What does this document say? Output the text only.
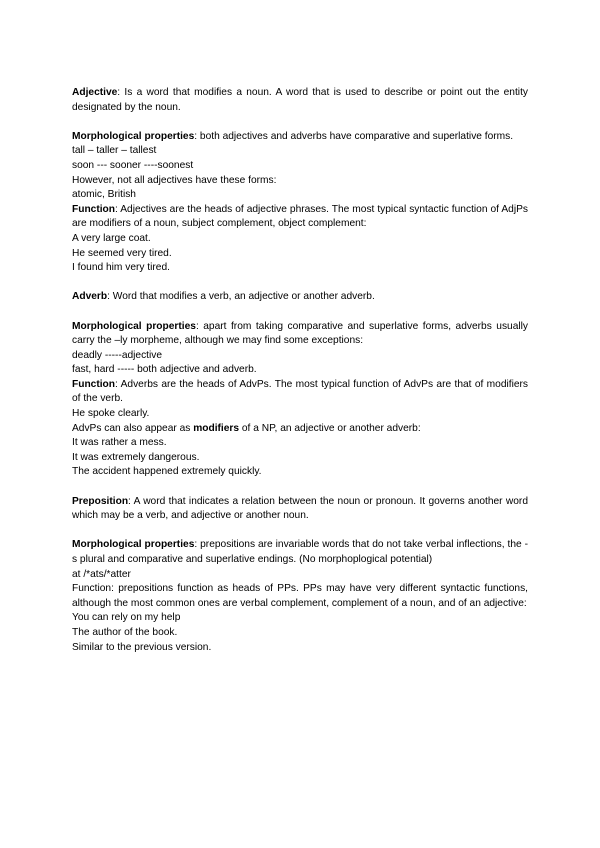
Adjective: Is a word that modifies a noun. A word that is used to describe or point out the entity designated by the noun.

Morphological properties: both adjectives and adverbs have comparative and superlative forms.

tall – taller – tallest
soon --- sooner ----soonest
However, not all adjectives have these forms:
atomic, British

Function: Adjectives are the heads of adjective phrases. The most typical syntactic function of AdjPs are modifiers of a noun, subject complement, object complement:

A very large coat.
He seemed very tired.
I found him very tired.

Adverb: Word that modifies a verb, an adjective or another adverb.

Morphological properties: apart from taking comparative and superlative forms, adverbs usually carry the –ly morpheme, although we may find some exceptions:

deadly -----adjective
fast, hard ----- both adjective and adverb.

Function: Adverbs are the heads of AdvPs. The most typical function of AdvPs are that of modifiers of the verb.

He spoke clearly.

AdvPs can also appear as modifiers of a NP, an adjective or another adverb:

It was rather a mess.
It was extremely dangerous.
The accident happened extremely quickly.

Preposition: A word that indicates a relation between the noun or pronoun. It governs another word which may be a verb, and adjective or another noun.

Morphological properties: prepositions are invariable words that do not take verbal inflections, the -s plural and comparative and superlative endings. (No morphoplogical potential)

at /*ats/*atter

Function: prepositions function as heads of PPs. PPs may have very different syntactic functions, although the most common ones are verbal complement, complement of a noun, and of an adjective:

You can rely on my help
The author of the book.
Similar to the previous version.
